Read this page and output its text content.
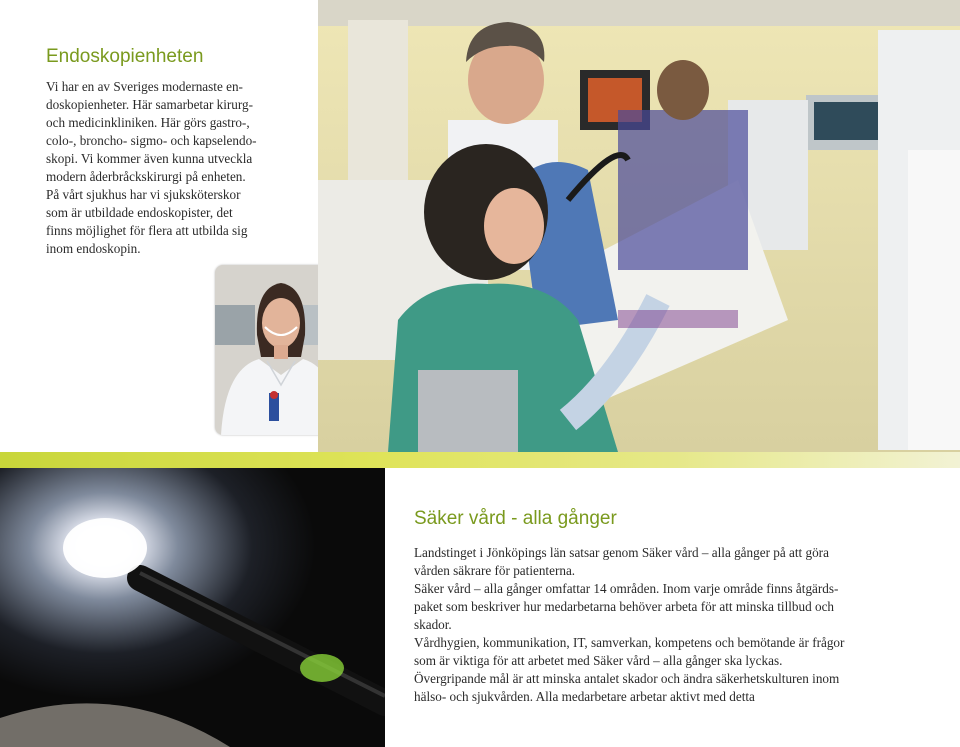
Endoskopienheten
Vi har en av Sveriges modernaste en-
doskopienheter. Här samarbetar kirurg-
och medicinkliniken. Här görs gastro-,
colo-, broncho- sigmo- och kapselendo-
skopi. Vi kommer även kunna utveckla
modern åderbråckskirurgi på enheten.
På vårt sjukhus har vi sjuksköterskor
som är utbildade endoskopister, det
finns möjlighet för flera att utbilda sig
inom endoskopin.
Säker vård - alla gånger
Landstinget i Jönköpings län satsar genom Säker vård – alla gånger på att göra
vården säkrare för patienterna.
Säker vård – alla gånger omfattar 14 områden. Inom varje område finns åtgärds-
paket som beskriver hur medarbetarna behöver arbeta för att minska tillbud och
skador.
Vårdhygien, kommunikation, IT, samverkan, kompetens och bemötande är frågor
som är viktiga för att arbetet med Säker vård – alla gånger ska lyckas.
Övergripande mål är att minska antalet skador och ändra säkerhetskulturen inom
hälso- och sjukvården. Alla medarbetare arbetar aktivt med detta
